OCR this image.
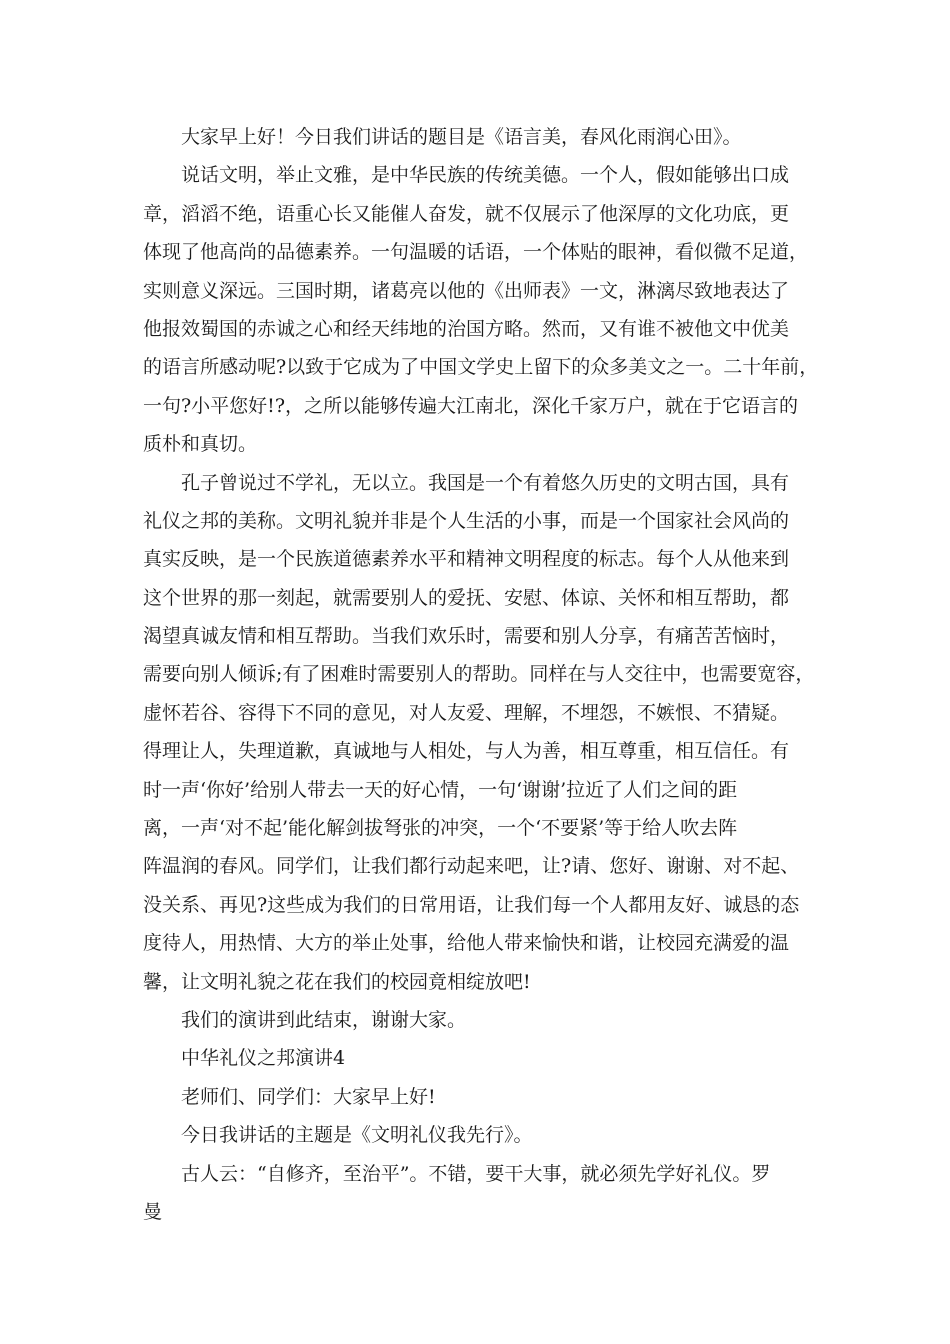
大家早上好！今日我们讲话的题目是《语言美，春风化雨润心田》。
说话文明，举止文雅，是中华民族的传统美德。一个人，假如能够出口成
章，滔滔不绝，语重心长又能催人奋发，就不仅展示了他深厚的文化功底，更
体现了他高尚的品德素养。一句温暖的话语，一个体贴的眼神，看似微不足道，
实则意义深远。三国时期，诸葛亮以他的《出师表》一文，淋漓尽致地表达了
他报效蜀国的赤诚之心和经天纬地的治国方略。然而，又有谁不被他文中优美
的语言所感动呢?以致于它成为了中国文学史上留下的众多美文之一。二十年前，
一句?小平您好!?，之所以能够传遍大江南北，深化千家万户，就在于它语言的
质朴和真切。
孔子曾说过不学礼，无以立。我国是一个有着悠久历史的文明古国，具有
礼仪之邦的美称。文明礼貌并非是个人生活的小事，而是一个国家社会风尚的
真实反映，是一个民族道德素养水平和精神文明程度的标志。每个人从他来到
这个世界的那一刻起，就需要别人的爱抚、安慰、体谅、关怀和相互帮助，都
渴望真诚友情和相互帮助。当我们欢乐时，需要和别人分享，有痛苦苦恼时，
需要向别人倾诉;有了困难时需要别人的帮助。同样在与人交往中，也需要宽容，
虚怀若谷、容得下不同的意见，对人友爱、理解，不埋怨，不嫉恨、不猜疑。
得理让人，失理道歉，真诚地与人相处，与人为善，相互尊重，相互信任。有
时一声‘你好’给别人带去一天的好心情，一句‘谢谢’拉近了人们之间的距
离，一声‘对不起’能化解剑拔弩张的冲突，一个‘不要紧’等于给人吹去阵
阵温润的春风。同学们，让我们都行动起来吧，让?请、您好、谢谢、对不起、
没关系、再见?这些成为我们的日常用语，让我们每一个人都用友好、诚恳的态
度待人，用热情、大方的举止处事，给他人带来愉快和谐，让校园充满爱的温
馨，让文明礼貌之花在我们的校园竟相绽放吧!
我们的演讲到此结束，谢谢大家。
中华礼仪之邦演讲4
老师们、同学们：大家早上好!
今日我讲话的主题是《文明礼仪我先行》。
古人云：“自修齐，至治平”。不错，要干大事，就必须先学好礼仪。罗
曼
